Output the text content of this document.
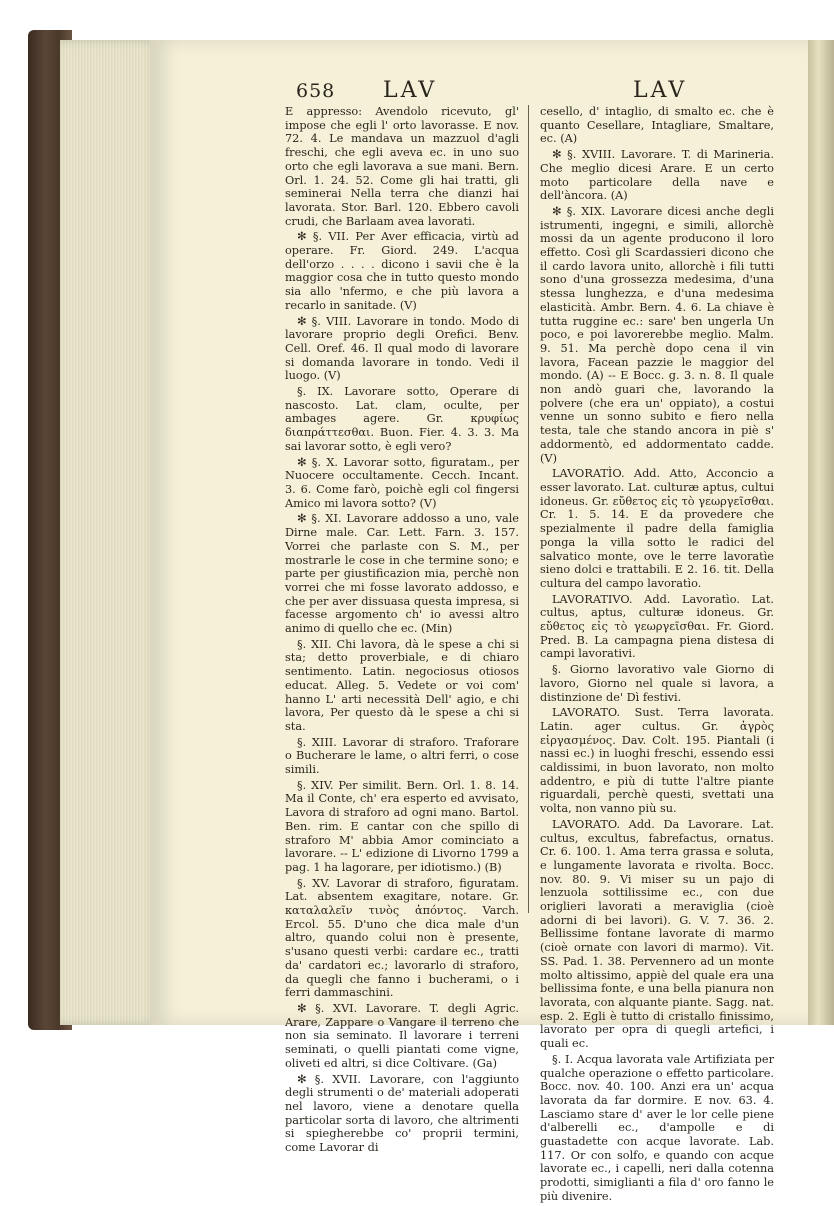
658 LAV	LAV

E appresso: Avendolo ricevuto, gl' impose che egli l' orto lavorasse. E nov. 72. 4. Le mandava un mazzuol d'agli freschi, che egli aveva ec. in uno suo orto che egli lavorava a sue mani. Bern. Orl. 1. 24. 52. Come gli hai tratti, gli seminerai Nella terra che dianzi hai lavorata. Stor. Barl. 120. Ebbero cavoli crudi, che Barlaam avea lavorati.

✻ §. VII. Per Aver efficacia, virtù ad operare. Fr. Giord. 249. L'acqua dell'orzo . . . . dicono i savii che è la maggior cosa che in tutto questo mondo sia allo 'nfermo, e che più lavora a recarlo in sanitade. (V)

✻ §. VIII. Lavorare in tondo. Modo di lavorare proprio degli Orefici. Benv. Cell. Oref. 46. Il qual modo di lavorare si domanda lavorare in tondo. Vedi il luogo. (V)

§. IX. Lavorare sotto, Operare di nascosto. Lat. clam, oculte, per ambages agere. Gr. κρυφίως διαπράττεσθαι. Buon. Fier. 4. 3. 3. Ma sai lavorar sotto, è egli vero?

✻ §. X. Lavorar sotto, figuratam., per Nuocere occultamente. Cecch. Incant. 3. 6. Come farò, poichè egli col fingersi Amico mi lavora sotto? (V)

✻ §. XI. Lavorare addosso a uno, vale Dirne male. Car. Lett. Farn. 3. 157. Vorrei che parlaste con S. M., per mostrarle le cose in che termine sono; e parte per giustificazion mia, perchè non vorrei che mi fosse lavorato addosso, e che per aver dissuasa questa impresa, si facesse argomento ch' io avessi altro animo di quello che ec. (Min)

§. XII. Chi lavora, dà le spese a chi si sta; detto proverbiale, e di chiaro sentimento. Latin. negociosus otiosos educat. Alleg. 5. Vedete or voi com' hanno L' arti necessità Dell' agio, e chi lavora, Per questo dà le spese a chi si sta.

§. XIII. Lavorar di straforo. Traforare o Bucherare le lame, o altri ferri, o cose simili.

§. XIV. Per similit. Bern. Orl. 1. 8. 14. Ma il Conte, ch' era esperto ed avvisato, Lavora di straforo ad ogni mano. Bartol. Ben. rim. E cantar con che spillo di straforo M' abbia Amor cominciato a lavorare. -- L' edizione di Livorno 1799 a pag. 1 ha lagorare, per idiotismo.) (B)

§. XV. Lavorar di straforo, figuratam. Lat. absentem exagitare, notare. Gr. καταλαλεῖν τινὸς ἀπόντος. Varch. Ercol. 55. D'uno che dica male d'un altro, quando colui non è presente, s'usano questi verbi: cardare ec., tratti da' cardatori ec.; lavorarlo di straforo, da quegli che fanno i bucherami, o i ferri dammaschini.

✻ §. XVI. Lavorare. T. degli Agric. Arare, Zappare o Vangare il terreno che non sia seminato. Il lavorare i terreni seminati, o quelli piantati come vigne, oliveti ed altri, si dice Coltivare. (Ga)

✻ §. XVII. Lavorare, con l'aggiunto degli strumenti o de' materiali adoperati nel lavoro, viene a denotare quella particolar sorta di lavoro, che altrimenti si spiegherebbe co' proprii termini, come Lavorar di

cesello, d' intaglio, di smalto ec. che è quanto Cesellare, Intagliare, Smaltare, ec. (A)

✻ §. XVIII. Lavorare. T. di Marineria. Che meglio dicesi Arare. E un certo moto particolare della nave e dell'àncora. (A)

✻ §. XIX. Lavorare dicesi anche degli istrumenti, ingegni, e simili, allorchè mossi da un agente producono il loro effetto. Così gli Scardassieri dicono che il cardo lavora unito, allorchè i fili tutti sono d'una grossezza medesima, d'una stessa lunghezza, e d'una medesima elasticità. Ambr. Bern. 4. 6. La chiave è tutta ruggine ec.: sare' ben ungerla Un poco, e poi lavorerebbe meglio. Malm. 9. 51. Ma perchè dopo cena il vin lavora, Facean pazzie le maggior del mondo. (A) -- E Bocc. g. 3. n. 8. Il quale non andò guari che, lavorando la polvere (che era un' oppiato), a costui venne un sonno subito e fiero nella testa, tale che stando ancora in piè s' addormentò, ed addormentato cadde. (V)

LAVORATÌO. Add. Atto, Acconcio a esser lavorato. Lat. culturæ aptus, cultui idoneus. Gr. εὔθετος εἰς τὸ γεωργεῖσθαι. Cr. 1. 5. 14. E da provedere che spezialmente il padre della famiglia ponga la villa sotto le radici del salvatico monte, ove le terre lavoratìe sieno dolci e trattabili. E 2. 16. tit. Della cultura del campo lavoratìo.

LAVORATIVO. Add. Lavoratìo. Lat. cultus, aptus, culturæ idoneus. Gr. εὔθετος εἰς τὸ γεωργεῖσθαι. Fr. Giord. Pred. B. La campagna piena distesa di campi lavorativi.

§. Giorno lavorativo vale Giorno di lavoro, Giorno nel quale si lavora, a distinzione de' Dì festivi.

LAVORATO. Sust. Terra lavorata. Latin. ager cultus. Gr. ἀγρὸς εἰργασμένος. Dav. Colt. 195. Piantali (i nassi ec.) in luoghi freschi, essendo essi caldissimi, in buon lavorato, non molto addentro, e più di tutte l'altre piante riguardali, perchè questi, svettati una volta, non vanno più su.

LAVORATO. Add. Da Lavorare. Lat. cultus, excultus, fabrefactus, ornatus. Cr. 6. 100. 1. Ama terra grassa e soluta, e lungamente lavorata e rivolta. Bocc. nov. 80. 9. Vi miser su un pajo di lenzuola sottilissime ec., con due origlieri lavorati a meraviglia (cioè adorni di bei lavori). G. V. 7. 36. 2. Bellissime fontane lavorate di marmo (cioè ornate con lavori di marmo). Vit. SS. Pad. 1. 38. Pervennero ad un monte molto altissimo, appiè del quale era una bellissima fonte, e una bella pianura non lavorata, con alquante piante. Sagg. nat. esp. 2. Egli è tutto di cristallo finissimo, lavorato per opra di quegli artefici, i quali ec.

§. I. Acqua lavorata vale Artifiziata per qualche operazione o effetto particolare. Bocc. nov. 40. 100. Anzi era un' acqua lavorata da far dormire. E nov. 63. 4. Lasciamo stare d' aver le lor celle piene d'alberelli ec., d'ampolle e di guastadette con acque lavorate. Lab. 117. Or con solfo, e quando con acque lavorate ec., i capelli, neri dalla cotenna prodotti, simiglianti a fila d' oro fanno le più divenire.
